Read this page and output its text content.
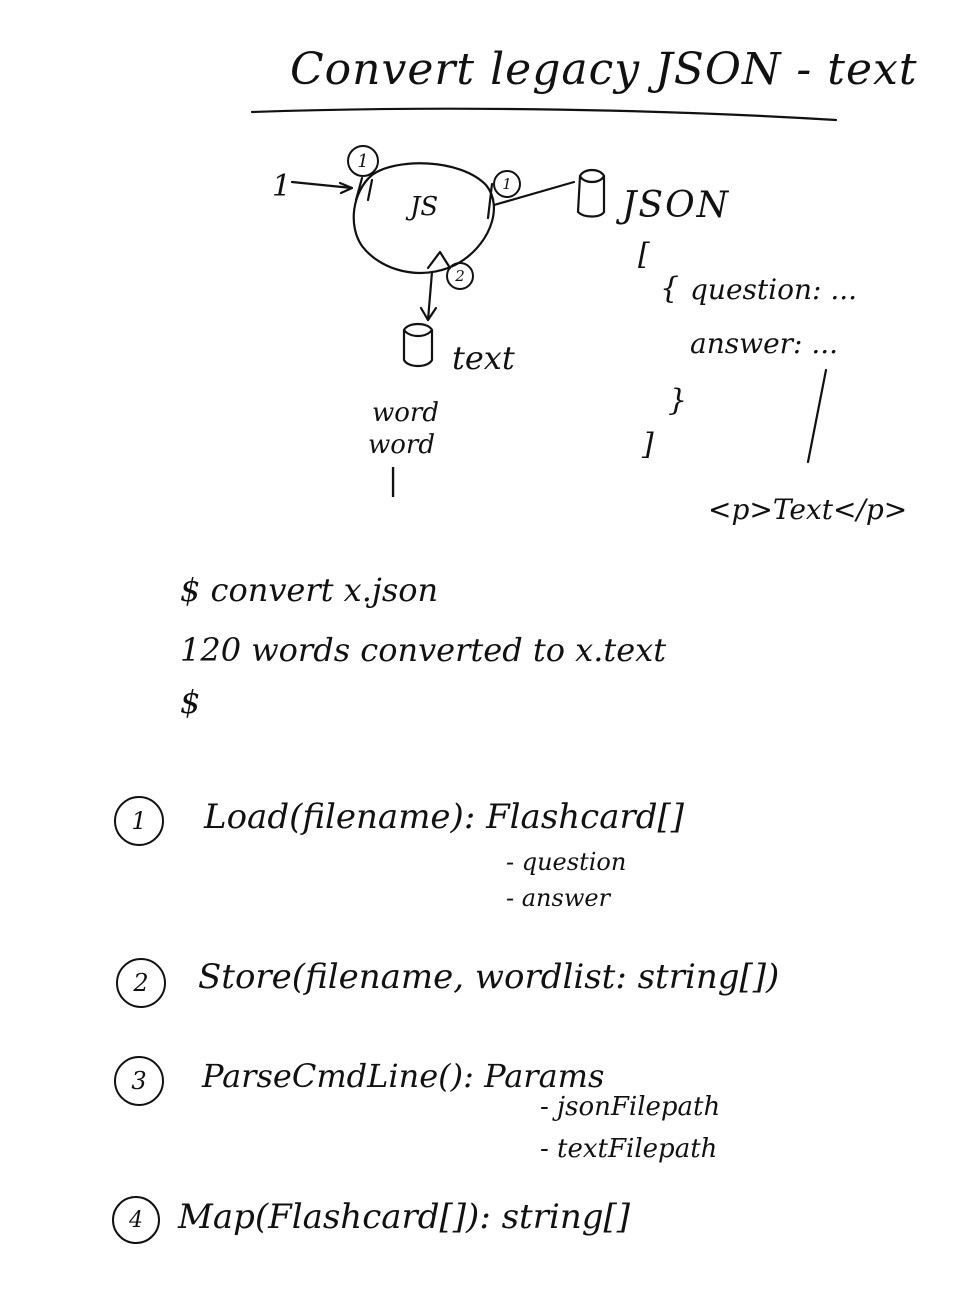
Convert legacy JSON - text
1
JS
1
1
2
JSON
text
[
{ question: ...
answer: ...
}
]
<p>Text</p>
word
word
|
$ convert x.json
120 words converted to x.text
$
1 Load(filename): Flashcard[]
- question
- answer
2 Store(filename, wordlist: string[])
3 ParseCmdLine(): Params
- jsonFilepath
- textFilepath
4 Map(Flashcard[]): string[]
